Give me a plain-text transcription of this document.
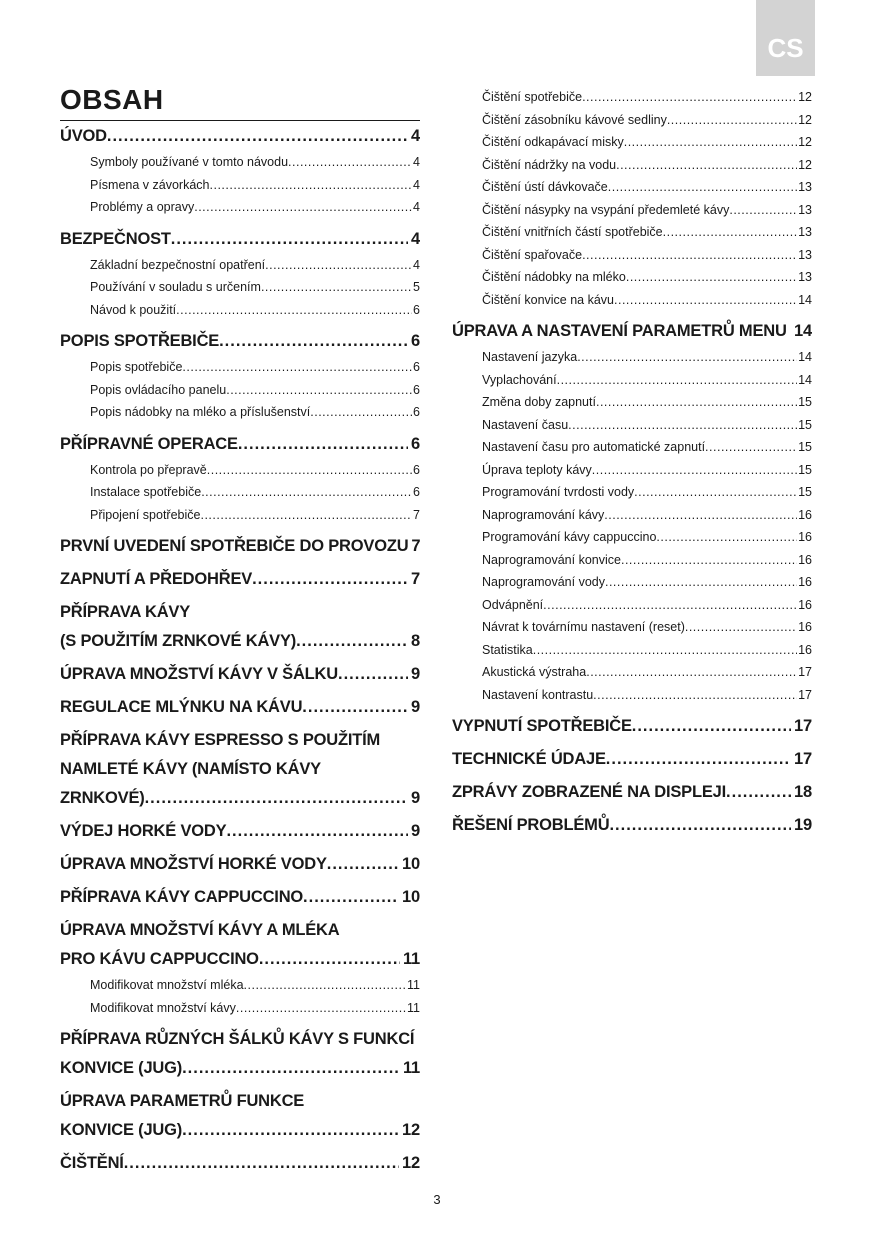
CS
OBSAH
ÚVOD .....	4
Symboly používané v tomto návodu .....	4
Písmena v závorkách .....	4
Problémy a opravy .....	4
BEZPEČNOST .....	4
Základní bezpečnostní opatření .....	4
Používání v souladu s určením .....	5
Návod k použití .....	6
POPIS SPOTŘEBIČE .....	6
Popis spotřebiče .....	6
Popis ovládacího panelu .....	6
Popis nádobky na mléko a příslušenství .....	6
PŘÍPRAVNÉ OPERACE .....	6
Kontrola po přepravě .....	6
Instalace spotřebiče .....	6
Připojení spotřebiče .....	7
PRVNÍ UVEDENÍ SPOTŘEBIČE DO PROVOZU 7
ZAPNUTÍ A PŘEDOHŘEV .....	7
PŘÍPRAVA KÁVY
(S POUŽITÍM ZRNKOVÉ KÁVY) .....	8
ÚPRAVA MNOŽSTVÍ KÁVY V ŠÁLKU .....	9
REGULACE MLÝNKU NA KÁVU .....	9
PŘÍPRAVA KÁVY ESPRESSO S POUŽITÍM
NAMLETÉ KÁVY (NAMÍSTO KÁVY
ZRNKOVÉ) .....	9
VÝDEJ HORKÉ VODY .....	9
ÚPRAVA MNOŽSTVÍ HORKÉ VODY .....	10
PŘÍPRAVA KÁVY CAPPUCCINO .....	10
ÚPRAVA MNOŽSTVÍ KÁVY A MLÉKA
PRO KÁVU CAPPUCCINO .....	11
Modifikovat množství mléka .....	11
Modifikovat množství kávy .....	11
PŘÍPRAVA RŮZNÝCH ŠÁLKŮ KÁVY S FUNKCÍ
KONVICE (JUG) .....	11
ÚPRAVA PARAMETRŮ FUNKCE
KONVICE (JUG) .....	12
ČIŠTĚNÍ .....	12
Čištění spotřebiče .....	12
Čištění zásobníku kávové sedliny .....	12
Čištění odkapávací misky .....	12
Čištění nádržky na vodu .....	12
Čištění ústí dávkovače .....	13
Čištění násypky na vsypání předemleté kávy .....	13
Čištění vnitřních částí spotřebiče .....	13
Čištění spařovače .....	13
Čištění nádobky na mléko .....	13
Čištění konvice na kávu .....	14
ÚPRAVA A NASTAVENÍ PARAMETRŮ MENU 14
Nastavení jazyka .....	14
Vyplachování .....	14
Změna doby zapnutí .....	15
Nastavení času .....	15
Nastavení času pro automatické zapnutí .....	15
Úprava teploty kávy .....	15
Programování tvrdosti vody .....	15
Naprogramování kávy .....	16
Programování kávy cappuccino .....	16
Naprogramování konvice .....	16
Naprogramování vody .....	16
Odvápnění .....	16
Návrat k továrnímu nastavení (reset) .....	16
Statistika .....	16
Akustická výstraha .....	17
Nastavení kontrastu .....	17
VYPNUTÍ SPOTŘEBIČE .....	17
TECHNICKÉ ÚDAJE .....	17
ZPRÁVY ZOBRAZENÉ NA DISPLEJI .....	18
ŘEŠENÍ PROBLÉMŮ .....	19
3
